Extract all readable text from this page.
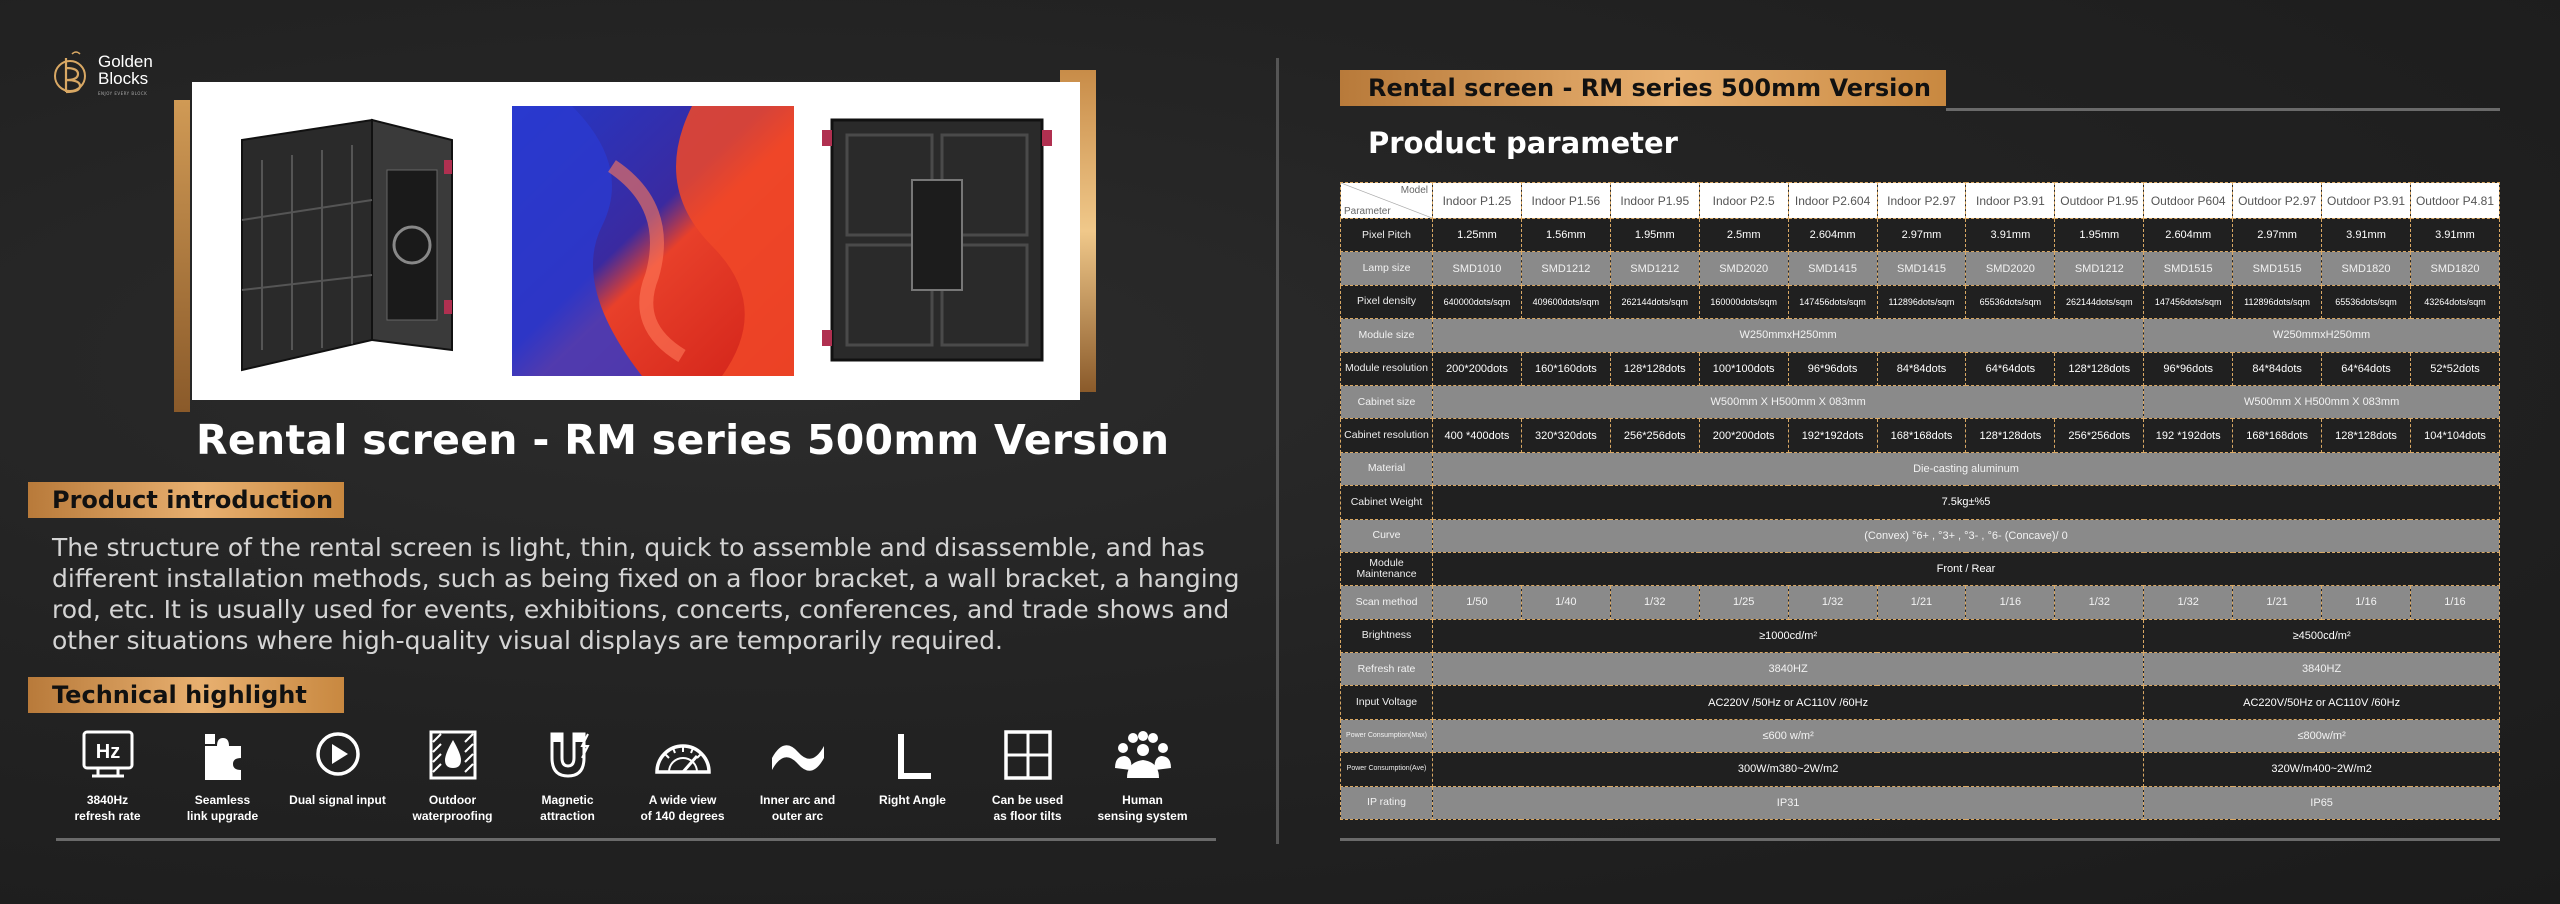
Golden
Blocks
ENJOY EVERY BLOCK
Rental screen - RM series 500mm Version
Product introduction

The structure of the rental screen is light, thin, quick to assemble and disassemble, and has different installation methods, such as being fixed on a floor bracket, a wall bracket, a hanging rod, etc. It is usually used for events, exhibitions, concerts, conferences, and trade shows and other situations where high-quality visual displays are temporarily required.

Technical highlight
Hz
3840Hz
refresh rate
Seamless
link upgrade
Dual signal input	Outdoor
waterproofing
Magnetic
attraction
A wide view
of 140 degrees
Inner arc and
outer arc
Right Angle	Can be used
as floor tilts
Human
sensing system
Rental screen - RM series 500mm Version
Product parameter
Model
Parameter	Indoor P1.25	Indoor P1.56	Indoor P1.95	Indoor P2.5	Indoor P2.604	Indoor P2.97	Indoor P3.91	Outdoor P1.95	Outdoor P604	Outdoor P2.97	Outdoor P3.91	Outdoor P4.81
Pixel Pitch	1.25mm	1.56mm	1.95mm	2.5mm	2.604mm	2.97mm	3.91mm	1.95mm	2.604mm	2.97mm	3.91mm	3.91mm
Lamp size	SMD1010	SMD1212	SMD1212	SMD2020	SMD1415	SMD1415	SMD2020	SMD1212	SMD1515	SMD1515	SMD1820	SMD1820
Pixel density	640000dots/sqm	409600dots/sqm	262144dots/sqm	160000dots/sqm	147456dots/sqm	112896dots/sqm	65536dots/sqm	262144dots/sqm	147456dots/sqm	112896dots/sqm	65536dots/sqm	43264dots/sqm
Module size	W250mmxH250mm								W250mmxH250mm			
Module resolution	200*200dots	160*160dots	128*128dots	100*100dots	96*96dots	84*84dots	64*64dots	128*128dots	96*96dots	84*84dots	64*64dots	52*52dots
Cabinet size	W500mm X H500mm X 083mm								W500mm X H500mm X 083mm			
Cabinet resolution	400 *400dots	320*320dots	256*256dots	200*200dots	192*192dots	168*168dots	128*128dots	256*256dots	192 *192dots	168*168dots	128*128dots	104*104dots
Material	Die-casting aluminum											
Cabinet Weight	7.5kg±%5											
Curve	(Convex) °6+ , °3+ , °3- , °6- (Concave)/ 0											
Module Maintenance	Front / Rear											
Scan method	1/50	1/40	1/32	1/25	1/32	1/21	1/16	1/32	1/32	1/21	1/16	1/16
Brightness	≥1000cd/m²								≥4500cd/m²			
Refresh rate	3840HZ								3840HZ			
Input Voltage	AC220V /50Hz or AC110V /60Hz								AC220V/50Hz or AC110V /60Hz			
Power Consumption(Max)	≤600 w/m²								≤800w/m²			
Power Consumption(Ave)	300W/m380~2W/m2								320W/m400~2W/m2			
IP rating	IP31								IP65			
